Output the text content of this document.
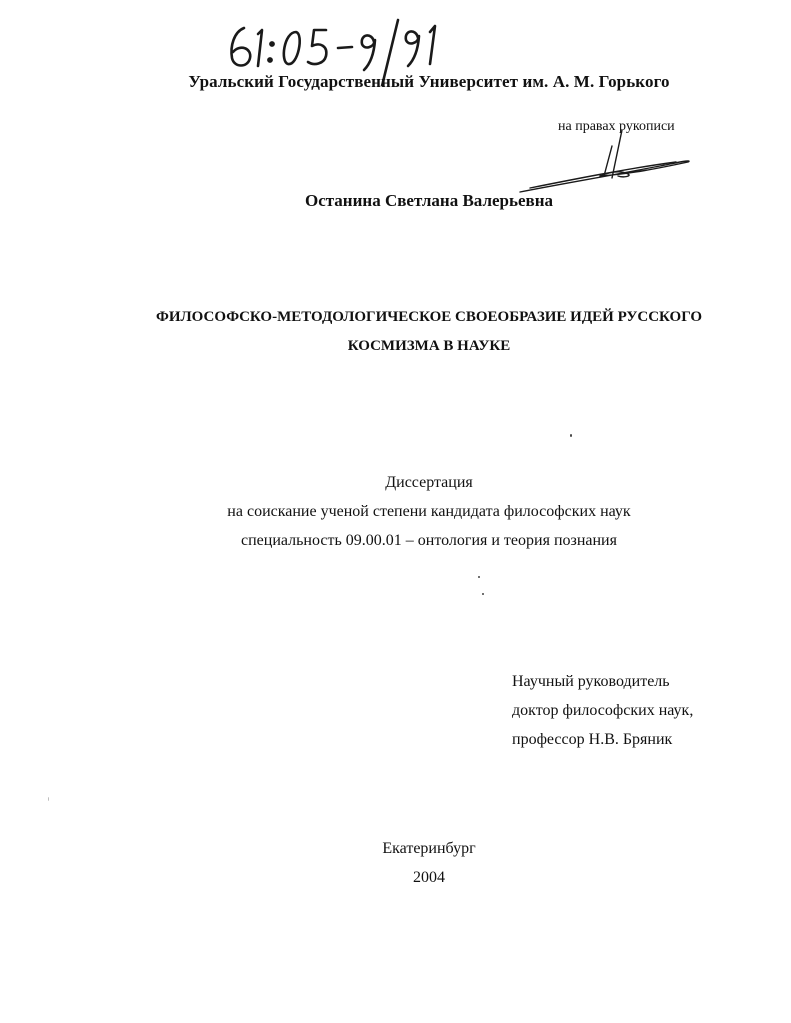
Уральский Государственный Университет им. А. М. Горького
на правах рукописи
Останина Светлана Валерьевна
ФИЛОСОФСКО-МЕТОДОЛОГИЧЕСКОЕ СВОЕОБРАЗИЕ ИДЕЙ РУССКОГО
КОСМИЗМА В НАУКЕ
Диссертация
на соискание ученой степени кандидата философских наук
специальность 09.00.01 – онтология и теория познания
Научный руководитель
доктор философских наук,
профессор Н.В. Бряник
Екатеринбург
2004
